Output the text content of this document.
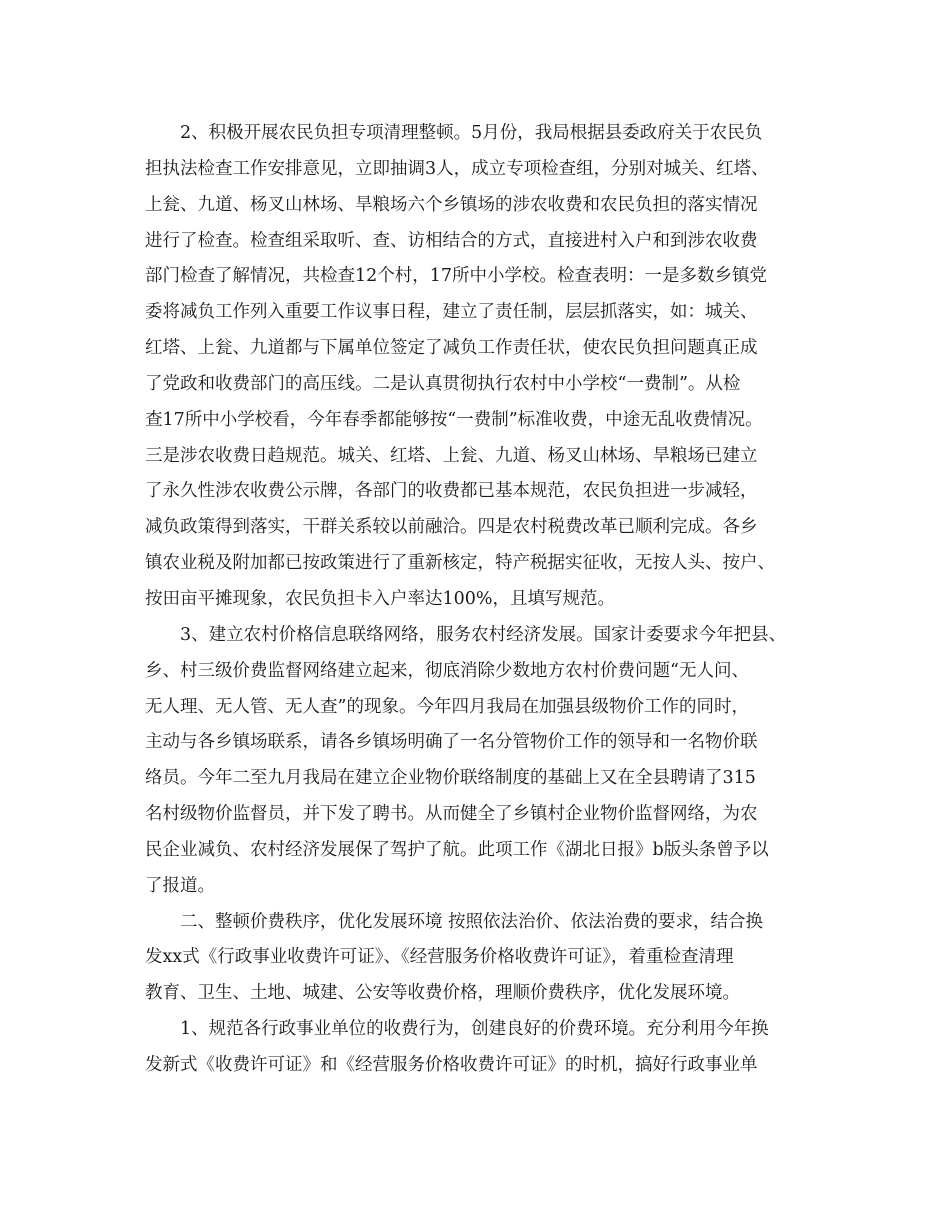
2、积极开展农民负担专项清理整顿。5月份，我局根据县委政府关于农民负
担执法检查工作安排意见，立即抽调3人，成立专项检查组，分别对城关、红塔、
上瓮、九道、杨叉山林场、旱粮场六个乡镇场的涉农收费和农民负担的落实情况
进行了检查。检查组采取听、查、访相结合的方式，直接进村入户和到涉农收费
部门检查了解情况，共检查12个村，17所中小学校。检查表明：一是多数乡镇党
委将减负工作列入重要工作议事日程，建立了责任制，层层抓落实，如：城关、
红塔、上瓮、九道都与下属单位签定了减负工作责任状，使农民负担问题真正成
了党政和收费部门的高压线。二是认真贯彻执行农村中小学校“一费制”。从检
查17所中小学校看，今年春季都能够按“一费制”标准收费，中途无乱收费情况。
三是涉农收费日趋规范。城关、红塔、上瓮、九道、杨叉山林场、旱粮场已建立
了永久性涉农收费公示牌，各部门的收费都已基本规范，农民负担进一步减轻，
减负政策得到落实，干群关系较以前融洽。四是农村税费改革已顺利完成。各乡
镇农业税及附加都已按政策进行了重新核定，特产税据实征收，无按人头、按户、
按田亩平摊现象，农民负担卡入户率达100%，且填写规范。
3、建立农村价格信息联络网络，服务农村经济发展。国家计委要求今年把县、
乡、村三级价费监督网络建立起来，彻底消除少数地方农村价费问题“无人问、
无人理、无人管、无人查”的现象。今年四月我局在加强县级物价工作的同时，
主动与各乡镇场联系，请各乡镇场明确了一名分管物价工作的领导和一名物价联
络员。今年二至九月我局在建立企业物价联络制度的基础上又在全县聘请了315
名村级物价监督员，并下发了聘书。从而健全了乡镇村企业物价监督网络，为农
民企业减负、农村经济发展保了驾护了航。此项工作《湖北日报》b版头条曾予以
了报道。
二、整顿价费秩序，优化发展环境 按照依法治价、依法治费的要求，结合换
发xx式《行政事业收费许可证》、《经营服务价格收费许可证》，着重检查清理
教育、卫生、土地、城建、公安等收费价格，理顺价费秩序，优化发展环境。
1、规范各行政事业单位的收费行为，创建良好的价费环境。充分利用今年换
发新式《收费许可证》和《经营服务价格收费许可证》的时机，搞好行政事业单
